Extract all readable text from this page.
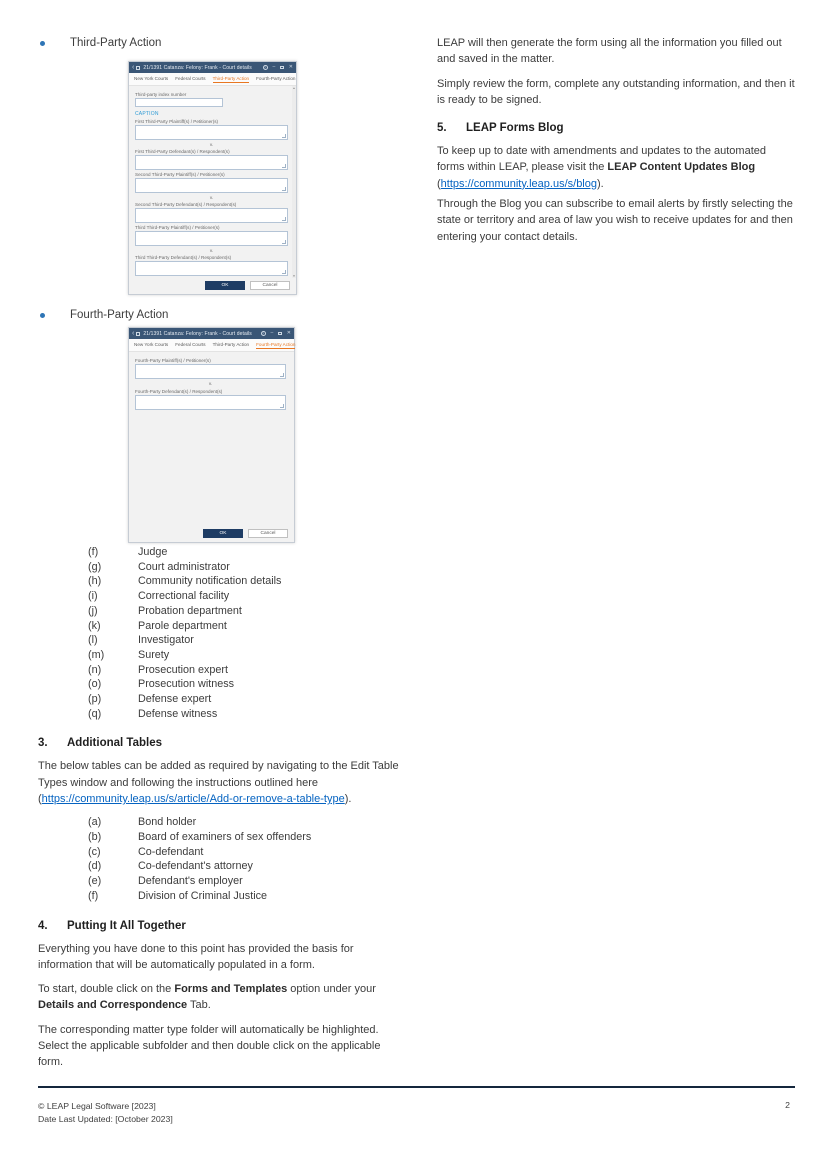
Third-Party Action
‹ 21/1391 Catanza: Felony: Frank - Court details	?	–	✕
New York Courts Federal Courts Third-Party Action Fourth-Party Action
Third-party index number
CAPTION
First Third-Party Plaintiff(s) / Petitioner(s)
v.
First Third-Party Defendant(s) / Respondent(s)
Second Third-Party Plaintiff(s) / Petitioner(s)
v.
Second Third-Party Defendant(s) / Respondent(s)
Third Third-Party Plaintiff(s) / Petitioner(s)
v.
Third Third-Party Defendant(s) / Respondent(s)
▲
▼
OK	Cancel
Fourth-Party Action
‹ 21/1391 Catanza: Felony: Frank - Court details	?	–	✕
New York Courts Federal Courts Third-Party Action Fourth-Party Action
Fourth-Party Plaintiff(s) / Petitioner(s)
v.
Fourth-Party Defendant(s) / Respondent(s)
OK	Cancel
(f)	Judge
(g)	Court administrator
(h)	Community notification details
(i)	Correctional facility
(j)	Probation department
(k)	Parole department
(l)	Investigator
(m)	Surety
(n)	Prosecution expert
(o)	Prosecution witness
(p)	Defense expert
(q)	Defense witness
3. Additional Tables

The below tables can be added as required by navigating to the Edit Table Types window and following the instructions outlined here (https://community.leap.us/s/article/Add-or-remove-a-table-type).

(a)	Bond holder
(b)	Board of examiners of sex offenders
(c)	Co-defendant
(d)	Co-defendant's attorney
(e)	Defendant's employer
(f)	Division of Criminal Justice
4. Putting It All Together

Everything you have done to this point has provided the basis for information that will be automatically populated in a form.

To start, double click on the Forms and Templates option under your Details and Correspondence Tab.

The corresponding matter type folder will automatically be highlighted. Select the applicable subfolder and then double click on the applicable form.

LEAP will then generate the form using all the information you filled out and saved in the matter.

Simply review the form, complete any outstanding information, and then it is ready to be signed.

5. LEAP Forms Blog

To keep up to date with amendments and updates to the automated forms within LEAP, please visit the LEAP Content Updates Blog (https://community.leap.us/s/blog).

Through the Blog you can subscribe to email alerts by firstly selecting the state or territory and area of law you wish to receive updates for and then entering your contact details.

© LEAP Legal Software [2023]
Date Last Updated: [October 2023]
2
